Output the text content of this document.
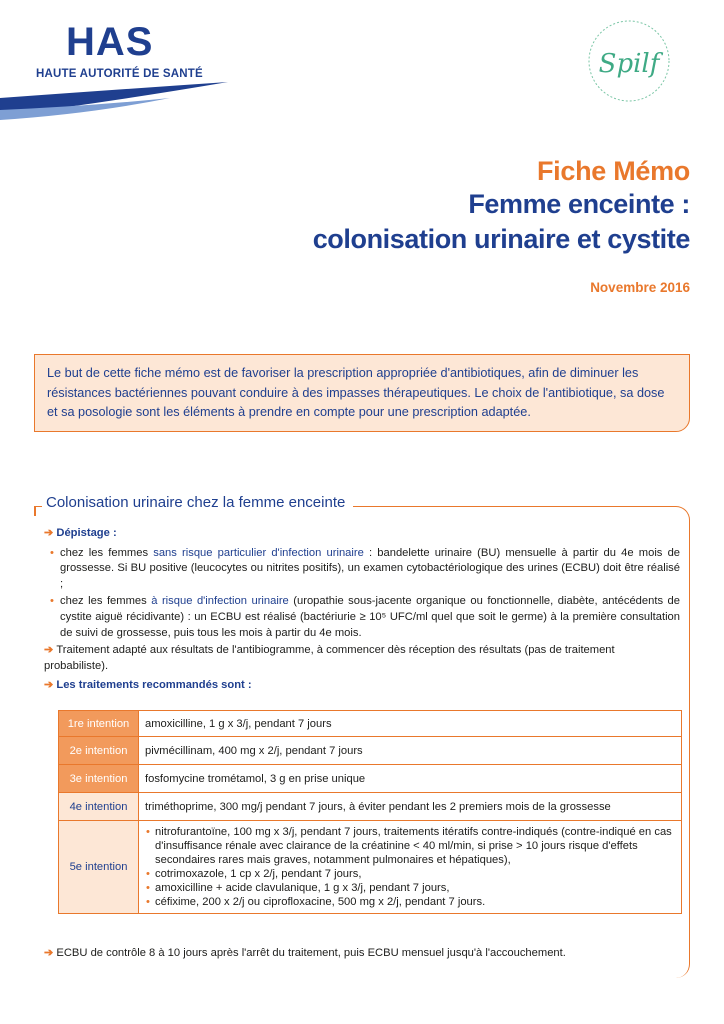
HAS
HAUTE AUTORITÉ DE SANTÉ	Spilf
Fiche Mémo
Femme enceinte :
colonisation urinaire et cystite
Novembre 2016
Le but de cette fiche mémo est de favoriser la prescription appropriée d'antibiotiques, afin de diminuer les résistances bactériennes pouvant conduire à des impasses thérapeutiques. Le choix de l'antibiotique, sa dose et sa posologie sont les éléments à prendre en compte pour une prescription adaptée.
Colonisation urinaire chez la femme enceinte
➔ Dépistage :
• chez les femmes sans risque particulier d'infection urinaire : bandelette urinaire (BU) mensuelle à partir du 4e mois de grossesse. Si BU positive (leucocytes ou nitrites positifs), un examen cytobactériologique des urines (ECBU) doit être réalisé ;
• chez les femmes à risque d'infection urinaire (uropathie sous-jacente organique ou fonctionnelle, diabète, antécédents de cystite aiguë récidivante) : un ECBU est réalisé (bactériurie ≥ 10⁵ UFC/ml quel que soit le germe) à la première consultation de suivi de grossesse, puis tous les mois à partir du 4e mois.
➔ Traitement adapté aux résultats de l'antibiogramme, à commencer dès réception des résultats (pas de traitement probabiliste).
➔ Les traitements recommandés sont :
1re intention	amoxicilline, 1 g x 3/j, pendant 7 jours
2e intention	pivmécillinam, 400 mg x 2/j, pendant 7 jours
3e intention	fosfomycine trométamol, 3 g en prise unique
4e intention	triméthoprime, 300 mg/j pendant 7 jours, à éviter pendant les 2 premiers mois de la grossesse
5e intention	• nitrofurantoïne, 100 mg x 3/j, pendant 7 jours, traitements itératifs contre-indiqués (contre-indiqué en cas d'insuffisance rénale avec clairance de la créatinine < 40 ml/min, si prise > 10 jours risque d'effets secondaires rares mais graves, notamment pulmonaires et hépatiques),
• cotrimoxazole, 1 cp x 2/j, pendant 7 jours,
• amoxicilline + acide clavulanique, 1 g x 3/j, pendant 7 jours,
• céfixime, 200 x 2/j ou ciprofloxacine, 500 mg x 2/j, pendant 7 jours.
➔ ECBU de contrôle 8 à 10 jours après l'arrêt du traitement, puis ECBU mensuel jusqu'à l'accouchement.
